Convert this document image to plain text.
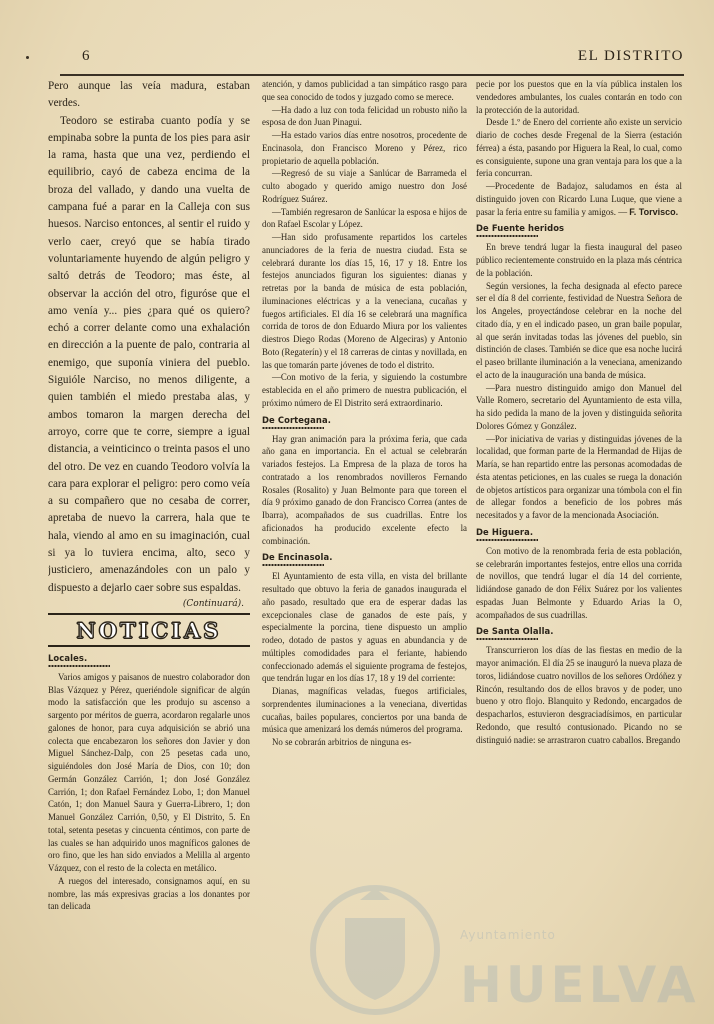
6	EL DISTRITO

Pero aunque las veía madura, estaban verdes.

Teodoro se estiraba cuanto podía y se empinaba sobre la punta de los pies para asir la rama, hasta que una vez, perdiendo el equilibrio, cayó de cabeza encima de la broza del vallado, y dando una vuelta de campana fué a parar en la Calleja con sus huesos. Narciso entonces, al sentir el ruido y verlo caer, creyó que se había tirado voluntariamente huyendo de algún peligro y saltó detrás de Teodoro; mas éste, al observar la acción del otro, figuróse que el amo venía y... pies ¿para qué os quiero? echó a correr delante como una exhalación en dirección a la puente de palo, contraria al enemigo, que suponía viniera del pueblo. Siguióle Narciso, no menos diligente, a quien también el miedo prestaba alas, y ambos tomaron la margen derecha del arroyo, corre que te corre, siempre a igual distancia, a veinticinco o treinta pasos el uno del otro. De vez en cuando Teodoro volvía la cara para explorar el peligro: pero como veía a su compañero que no cesaba de correr, apretaba de nuevo la carrera, hala que te hala, viendo al amo en su imaginación, cual si ya lo tuviera encima, alto, seco y justiciero, amenazándoles con un palo y dispuesto a dejarlo caer sobre sus espaldas.

(Continuará).
NOTICIAS
Locales.

Varios amigos y paisanos de nuestro colaborador don Blas Vázquez y Pérez, queriéndole significar de algún modo la satisfacción que les produjo su ascenso a sargento por méritos de guerra, acordaron regalarle unos galones de honor, para cuya adquisición se abrió una colecta que encabezaron los señores don Javier y don Miguel Sánchez-Dalp, con 25 pesetas cada uno, siguiéndoles don José María de Dios, con 10; don Germán González Carrión, 1; don José González Carrión, 1; don Rafael Fernández Lobo, 1; don Manuel Catón, 1; don Manuel Saura y Guerra-Librero, 1; don Manuel González Carrión, 0,50, y El Distrito, 5. En total, setenta pesetas y cincuenta céntimos, con parte de las cuales se han adquirido unos magníficos galones de oro fino, que les han sido enviados a Melilla al argento Vázquez, con el resto de la colecta en metálico.

A ruegos del interesado, consignamos aquí, en su nombre, las más expresivas gracias a los donantes por tan delicada

atención, y damos publicidad a tan simpático rasgo para que sea conocido de todos y juzgado como se merece.

—Ha dado a luz con toda felicidad un robusto niño la esposa de don Juan Pinagui.

—Ha estado varios días entre nosotros, procedente de Encinasola, don Francisco Moreno y Pérez, rico propietario de aquella población.

—Regresó de su viaje a Sanlúcar de Barrameda el culto abogado y querido amigo nuestro don José Rodríguez Suárez.

—También regresaron de Sanlúcar la esposa e hijos de don Rafael Escolar y López.

—Han sido profusamente repartidos los carteles anunciadores de la feria de nuestra ciudad. Esta se celebrará durante los días 15, 16, 17 y 18. Entre los festejos anunciados figuran los siguientes: dianas y retretas por la banda de música de esta población, iluminaciones eléctricas y a la veneciana, cucañas y fuegos artificiales. El día 16 se celebrará una magnífica corrida de toros de don Eduardo Miura por los valientes diestros Diego Rodas (Moreno de Algeciras) y Antonio Boto (Regaterín) y el 18 carreras de cintas y novillada, en las que tomarán parte jóvenes de todo el distrito.

—Con motivo de la feria, y siguiendo la costumbre establecida en el año primero de nuestra publicación, el próximo número de El Distrito será extraordinario.

De Cortegana.

Hay gran animación para la próxima feria, que cada año gana en importancia. En el actual se celebrarán variados festejos. La Empresa de la plaza de toros ha contratado a los renombrados novilleros Fernando Rosales (Rosalito) y Juan Belmonte para que toreen el día 9 próximo ganado de don Francisco Correa (antes de Ibarra), acompañados de sus cuadrillas. Entre los aficionados ha producido excelente efecto la combinación.

De Encinasola.

El Ayuntamiento de esta villa, en vista del brillante resultado que obtuvo la feria de ganados inaugurada el año pasado, resultado que era de esperar dadas las excepcionales clase de ganados de este país, y especialmente la porcina, tiene dispuesto un amplio rodeo, dotado de pastos y aguas en abundancia y de múltiples comodidades para el feriante, habiendo confeccionado además el siguiente programa de festejos, que tendrán lugar en los días 17, 18 y 19 del corriente:

Dianas, magníficas veladas, fuegos artificiales, sorprendentes iluminaciones a la veneciana, divertidas cucañas, bailes populares, conciertos por una banda de música que amenizará los demás números del programa.

No se cobrarán arbitrios de ninguna es-

pecie por los puestos que en la vía pública instalen los vendedores ambulantes, los cuales contarán en todo con la protección de la autoridad.

Desde 1.º de Enero del corriente año existe un servicio diario de coches desde Fregenal de la Sierra (estación férrea) a ésta, pasando por Higuera la Real, lo cual, como es consiguiente, supone una gran ventaja para los que a la feria concurran.

—Procedente de Badajoz, saludamos en ésta al distinguido joven con Ricardo Luna Luque, que viene a pasar la feria entre su familia y amigos. — F. Torvisco.

De Fuente heridos

En breve tendrá lugar la fiesta inaugural del paseo público recientemente construido en la plaza más céntrica de la población.

Según versiones, la fecha designada al efecto parece ser el día 8 del corriente, festividad de Nuestra Señora de los Angeles, proyectándose celebrar en la noche del citado día, y en el indicado paseo, un gran baile popular, al que serán invitadas todas las jóvenes del pueblo, sin distinción de clases. También se dice que esa noche lucirá el paseo brillante iluminación a la veneciana, amenizando el acto de la inauguración una banda de música.

—Para nuestro distinguido amigo don Manuel del Valle Romero, secretario del Ayuntamiento de esta villa, ha sido pedida la mano de la joven y distinguida señorita Dolores Gómez y González.

—Por iniciativa de varias y distinguidas jóvenes de la localidad, que forman parte de la Hermandad de Hijas de María, se han repartido entre las personas acomodadas de ésta atentas peticiones, en las cuales se ruega la donación de objetos artísticos para organizar una tómbola con el fin de allegar fondos a beneficio de los pobres más necesitados y a favor de la mencionada Asociación.

De Higuera.

Con motivo de la renombrada feria de esta población, se celebrarán importantes festejos, entre ellos una corrida de novillos, que tendrá lugar el día 14 del corriente, lidiándose ganado de don Félix Suárez por los valientes espadas Juan Belmonte y Eduardo Arias la O, acompañados de sus cuadrillas.

De Santa Olalla.

Transcurrieron los días de las fiestas en medio de la mayor animación. El día 25 se inauguró la nueva plaza de toros, lidiándose cuatro novillos de los señores Ordóñez y Rincón, resultando dos de ellos bravos y de poder, uno bueno y otro flojo. Blanquito y Redondo, encargados de despacharlos, estuvieron desgraciadísimos, en particular Redondo, que resultó contusionado. Picando no se distinguió nadie: se arrastraron cuatro caballos. Bregando

Ayuntamiento
HUELVA
